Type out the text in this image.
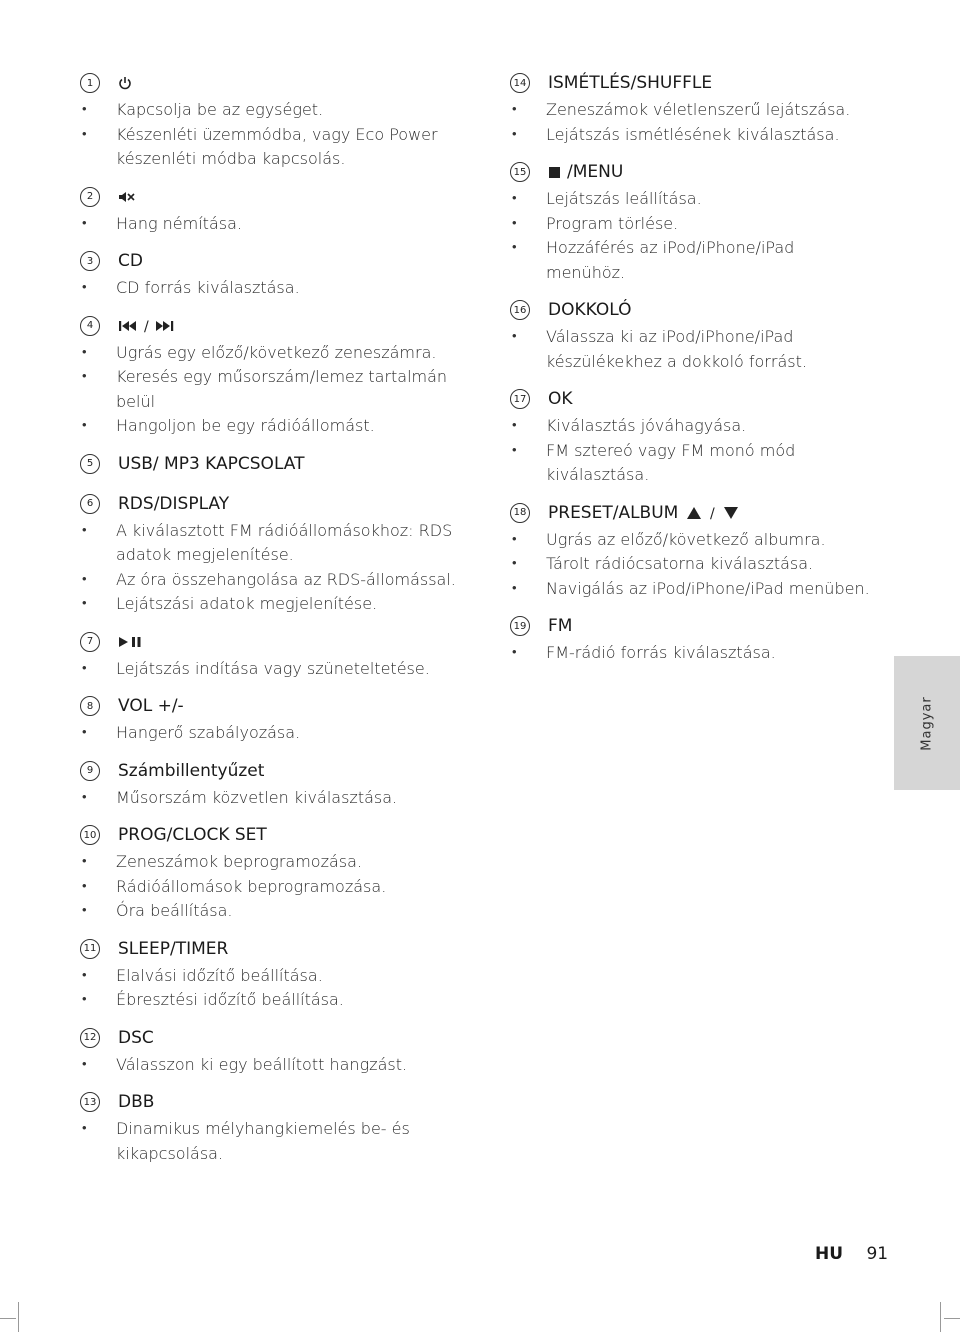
1
• Kapcsolja be az egységet.
• Készenléti üzemmódba, vagy Eco Power készenléti módba kapcsolás.
2
• Hang némítása.
3	CD
• CD forrás kiválasztása.
4	/
• Ugrás egy előző/következő zeneszámra.
• Keresés egy műsorszám/lemez tartalmán belül
• Hangoljon be egy rádióállomást.
5	USB/ MP3 KAPCSOLAT
6	RDS/DISPLAY
• A kiválasztott FM rádióállomásokhoz: RDS adatok megjelenítése.
• Az óra összehangolása az RDS-állomással.
• Lejátszási adatok megjelenítése.
7
• Lejátszás indítása vagy szüneteltetése.
8	VOL +/-
• Hangerő szabályozása.
9	Számbillentyűzet
• Műsorszám közvetlen kiválasztása.
10 PROG/CLOCK SET
• Zeneszámok beprogramozása.
• Rádióállomások beprogramozása.
• Óra beállítása.
11 SLEEP/TIMER
• Elalvási időzítő beállítása.
• Ébresztési időzítő beállítása.
12 DSC
• Válasszon ki egy beállított hangzást.
13 DBB
• Dinamikus mélyhangkiemelés be- és kikapcsolása.
14 ISMÉTLÉS/SHUFFLE
• Zeneszámok véletlenszerű lejátszása.
• Lejátszás ismétlésének kiválasztása.
15 /MENU
• Lejátszás leállítása.
• Program törlése.
• Hozzáférés az iPod/iPhone/iPad menühöz.
16 DOKKOLÓ
• Válassza ki az iPod/iPhone/iPad készülékekhez a dokkoló forrást.
17 OK
• Kiválasztás jóváhagyása.
• FM sztereó vagy FM monó mód kiválasztása.
18 PRESET/ALBUM /
• Ugrás az előző/következő albumra.
• Tárolt rádiócsatorna kiválasztása.
• Navigálás az iPod/iPhone/iPad menüben.
19 FM
• FM-rádió forrás kiválasztása.
Magyar
HU 91
